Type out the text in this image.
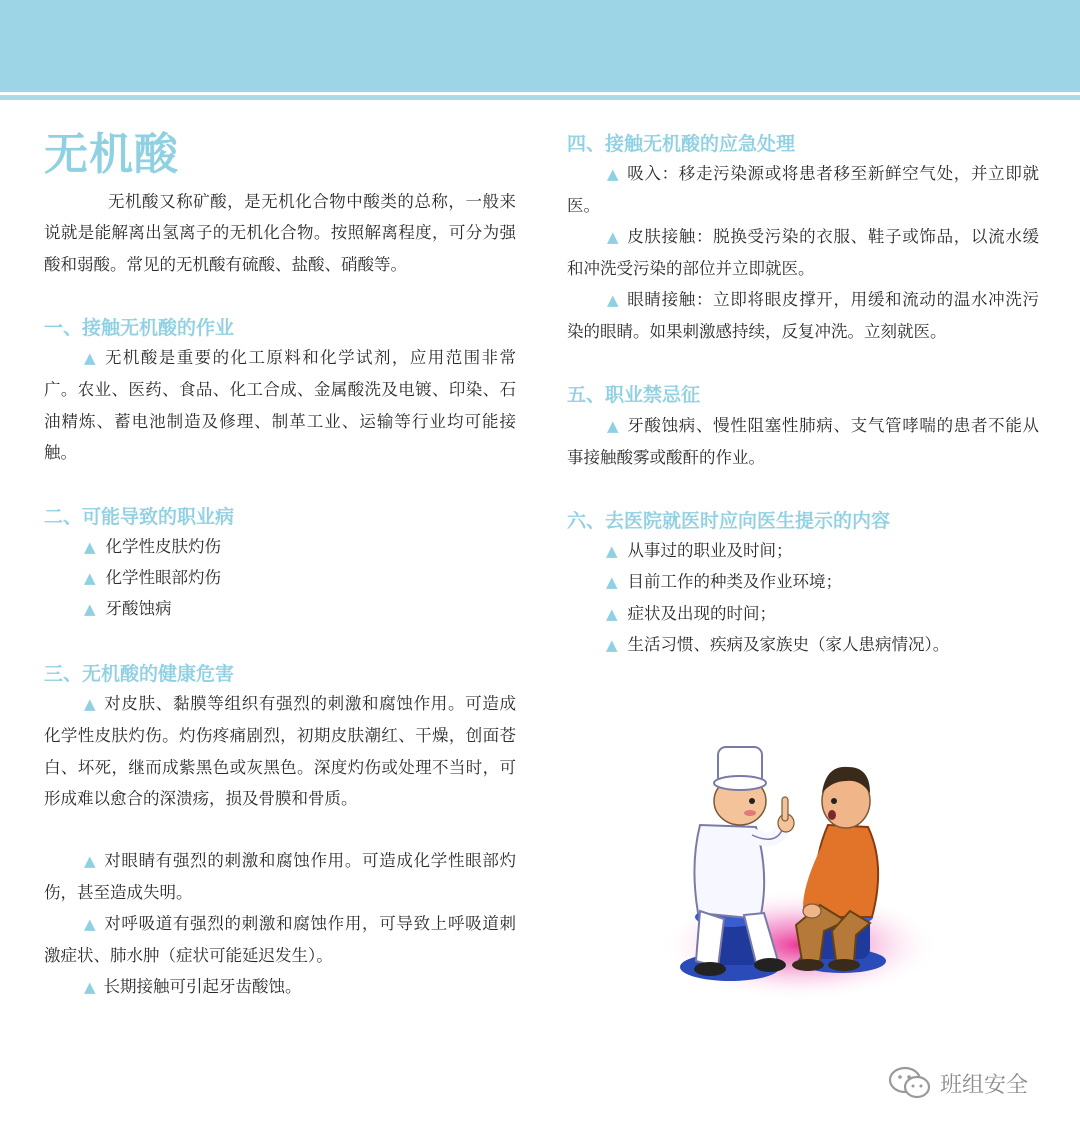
无机酸

无机酸又称矿酸，是无机化合物中酸类的总称，一般来说就是能解离出氢离子的无机化合物。按照解离程度，可分为强酸和弱酸。常见的无机酸有硫酸、盐酸、硝酸等。

一、接触无机酸的作业

▲ 无机酸是重要的化工原料和化学试剂，应用范围非常广。农业、医药、食品、化工合成、金属酸洗及电镀、印染、石油精炼、蓄电池制造及修理、制革工业、运输等行业均可能接触。

二、可能导致的职业病
▲ 化学性皮肤灼伤
▲ 化学性眼部灼伤
▲ 牙酸蚀病
三、无机酸的健康危害

▲ 对皮肤、黏膜等组织有强烈的刺激和腐蚀作用。可造成化学性皮肤灼伤。灼伤疼痛剧烈，初期皮肤潮红、干燥，创面苍白、坏死，继而成紫黑色或灰黑色。深度灼伤或处理不当时，可形成难以愈合的深溃疡，损及骨膜和骨质。

▲ 对眼睛有强烈的刺激和腐蚀作用。可造成化学性眼部灼伤，甚至造成失明。

▲ 对呼吸道有强烈的刺激和腐蚀作用，可导致上呼吸道刺激症状、肺水肿（症状可能延迟发生）。

▲ 长期接触可引起牙齿酸蚀。

四、接触无机酸的应急处理

▲ 吸入：移走污染源或将患者移至新鲜空气处，并立即就医。

▲ 皮肤接触：脱换受污染的衣服、鞋子或饰品，以流水缓和冲洗受污染的部位并立即就医。

▲ 眼睛接触：立即将眼皮撑开，用缓和流动的温水冲洗污染的眼睛。如果刺激感持续，反复冲洗。立刻就医。

五、职业禁忌征

▲ 牙酸蚀病、慢性阻塞性肺病、支气管哮喘的患者不能从事接触酸雾或酸酐的作业。

六、去医院就医时应向医生提示的内容
▲ 从事过的职业及时间；
▲ 目前工作的种类及作业环境；
▲ 症状及出现的时间；
▲ 生活习惯、疾病及家族史（家人患病情况）。
班组安全
